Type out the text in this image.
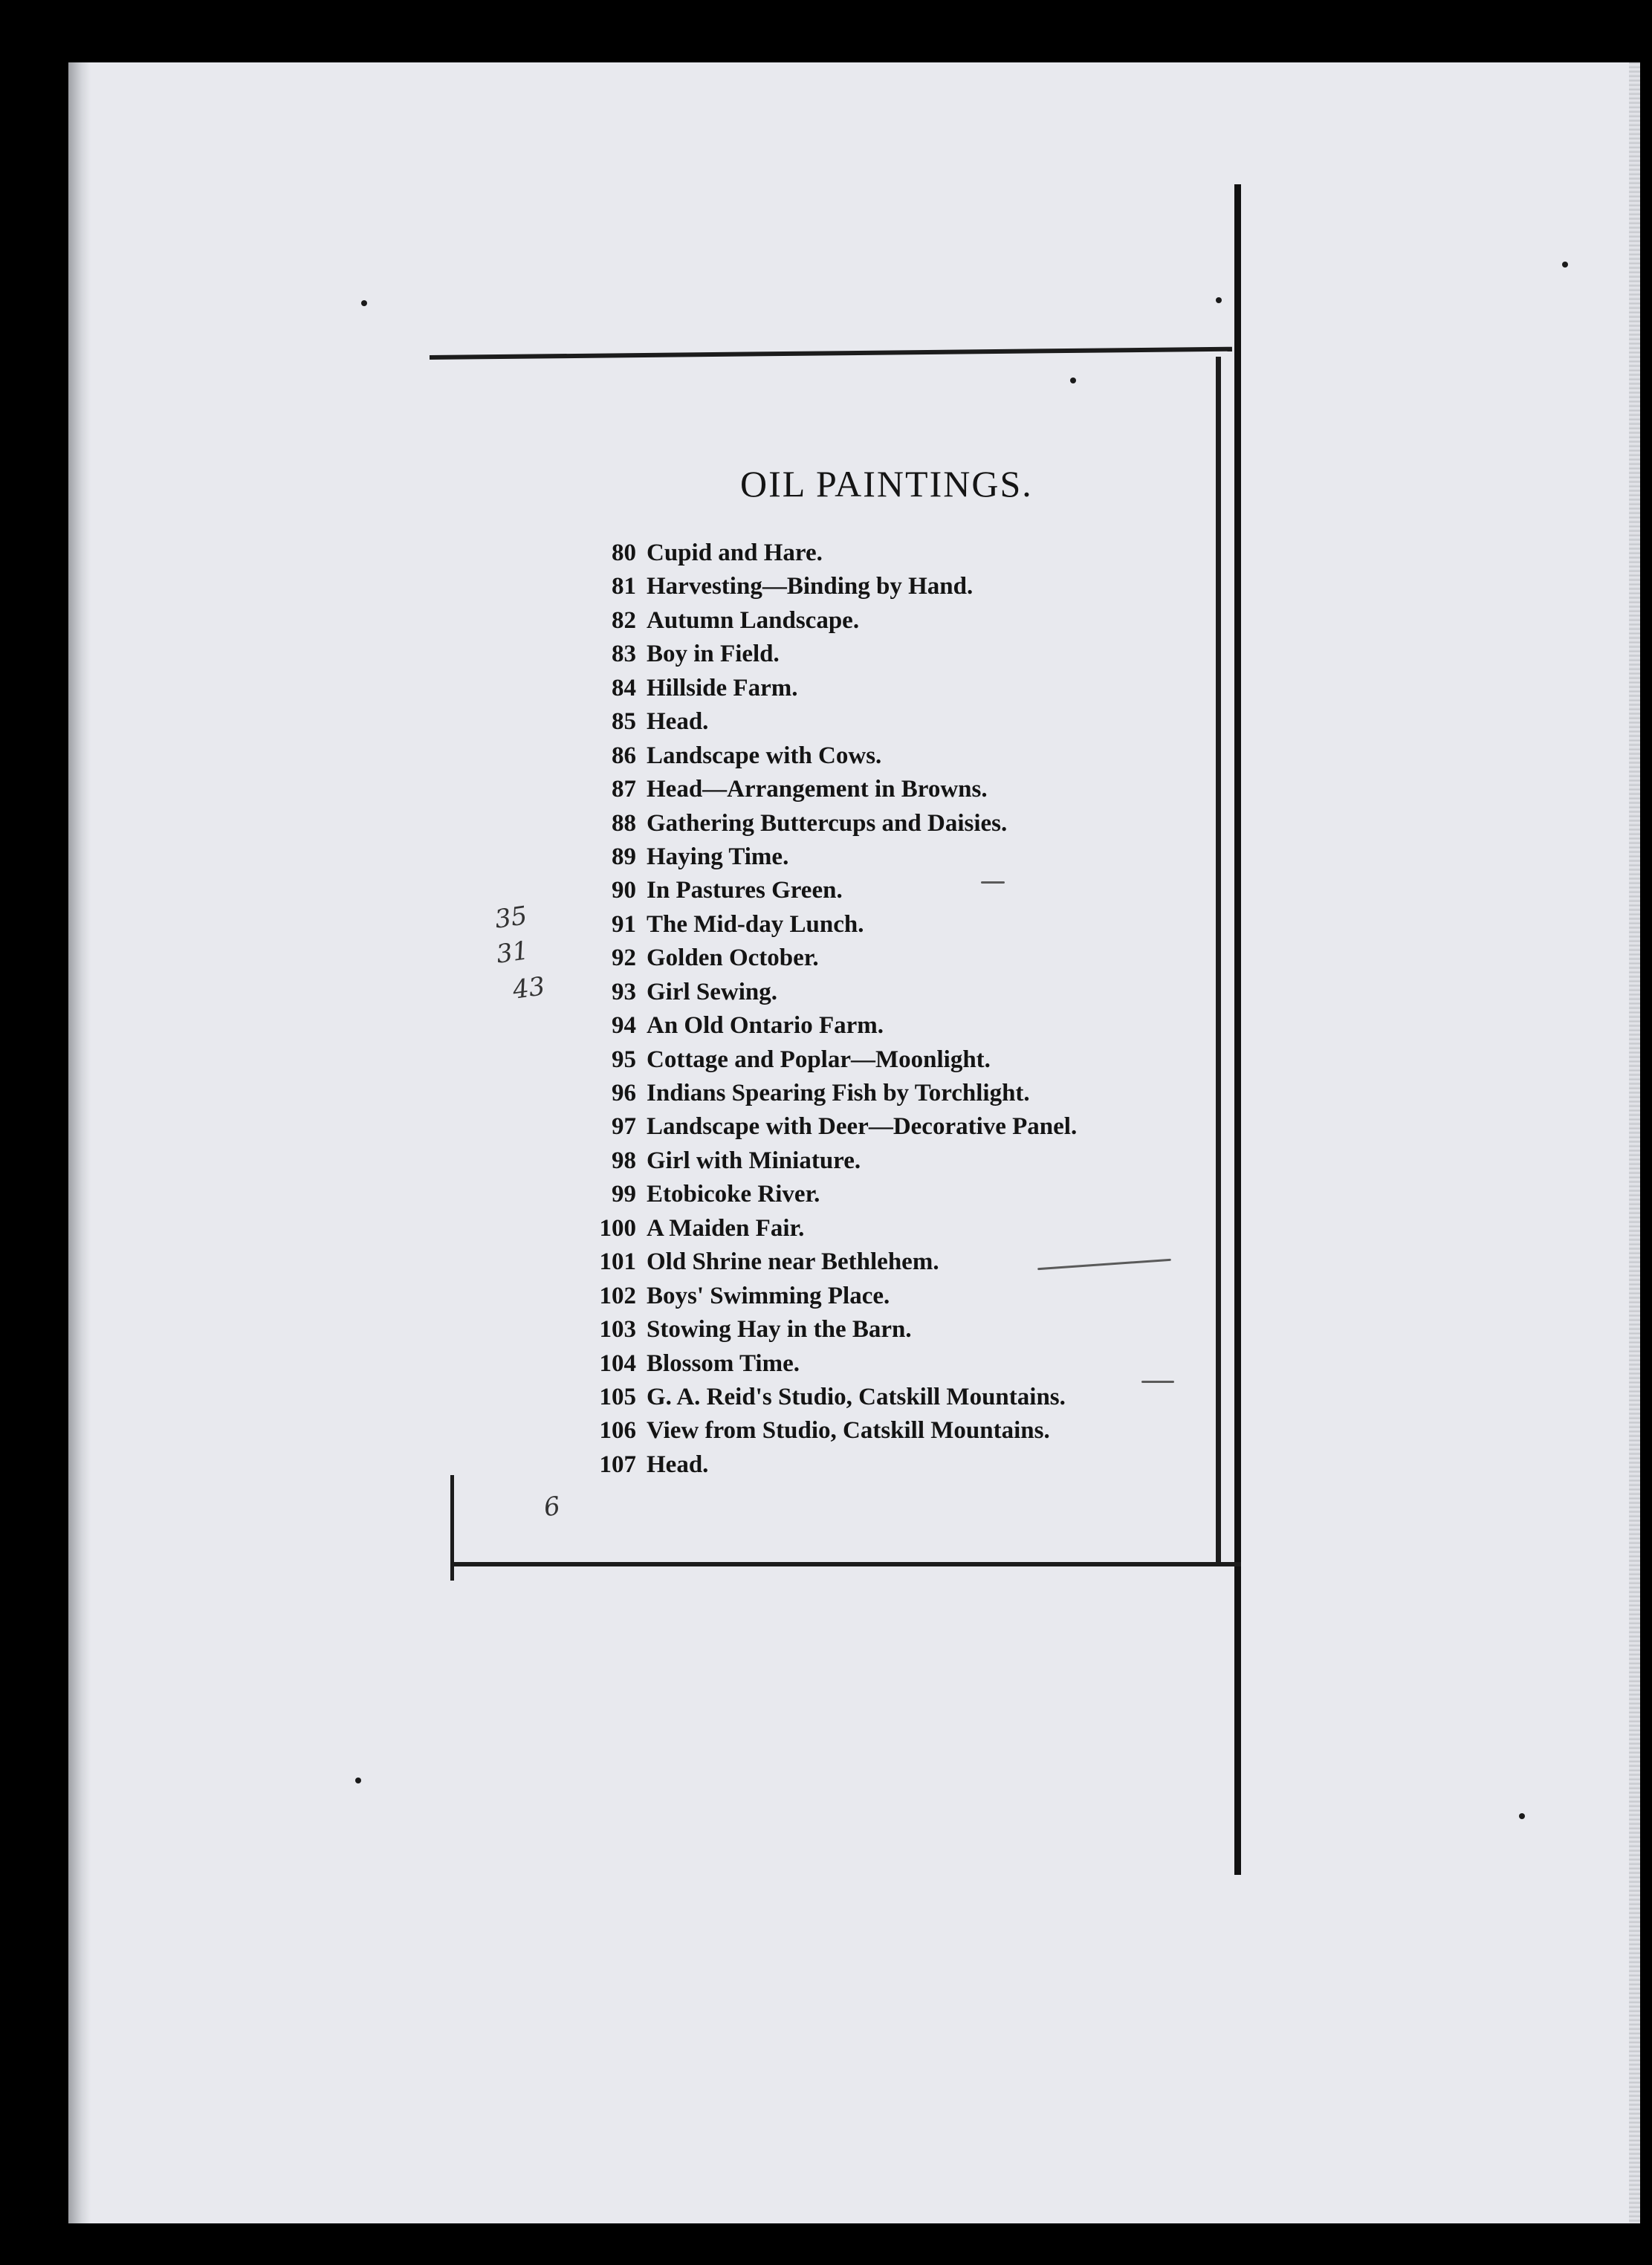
OIL PAINTINGS.
80 Cupid and Hare.
81 Harvesting—Binding by Hand.
82 Autumn Landscape.
83 Boy in Field.
84 Hillside Farm.
85 Head.
86 Landscape with Cows.
87 Head—Arrangement in Browns.
88 Gathering Buttercups and Daisies.
89 Haying Time.
90 In Pastures Green.
91 The Mid-day Lunch.
92 Golden October.
93 Girl Sewing.
94 An Old Ontario Farm.
95 Cottage and Poplar—Moonlight.
96 Indians Spearing Fish by Torchlight.
97 Landscape with Deer—Decorative Panel.
98 Girl with Miniature.
99 Etobicoke River.
100 A Maiden Fair.
101 Old Shrine near Bethlehem.
102 Boys' Swimming Place.
103 Stowing Hay in the Barn.
104 Blossom Time.
105 G. A. Reid's Studio, Catskill Mountains.
106 View from Studio, Catskill Mountains.
107 Head.
35
31
43
6
